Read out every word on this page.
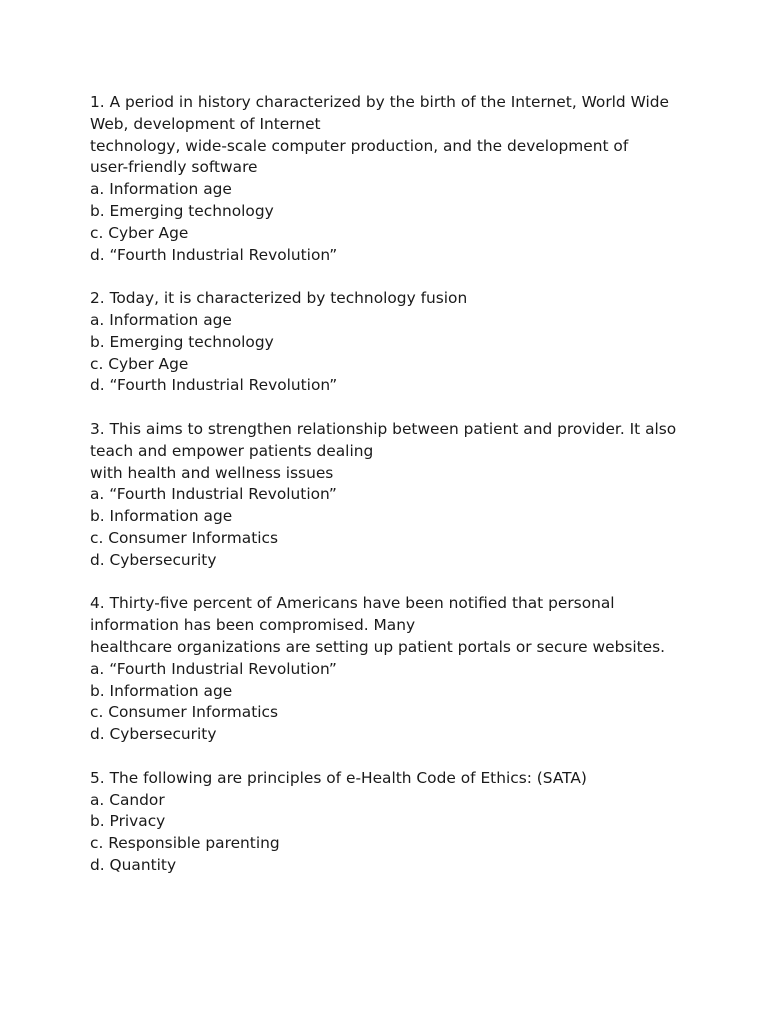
1. A period in history characterized by the birth of the Internet, World Wide
Web, development of Internet
technology, wide-scale computer production, and the development of
user-friendly software
a. Information age
b. Emerging technology
c. Cyber Age
d. “Fourth Industrial Revolution”
2. Today, it is characterized by technology fusion
a. Information age
b. Emerging technology
c. Cyber Age
d. “Fourth Industrial Revolution”
3. This aims to strengthen relationship between patient and provider. It also
teach and empower patients dealing
with health and wellness issues
a. “Fourth Industrial Revolution”
b. Information age
c. Consumer Informatics
d. Cybersecurity
4. Thirty-five percent of Americans have been notified that personal
information has been compromised. Many
healthcare organizations are setting up patient portals or secure websites.
a. “Fourth Industrial Revolution”
b. Information age
c. Consumer Informatics
d. Cybersecurity
5. The following are principles of e-Health Code of Ethics: (SATA)
a. Candor
b. Privacy
c. Responsible parenting
d. Quantity
